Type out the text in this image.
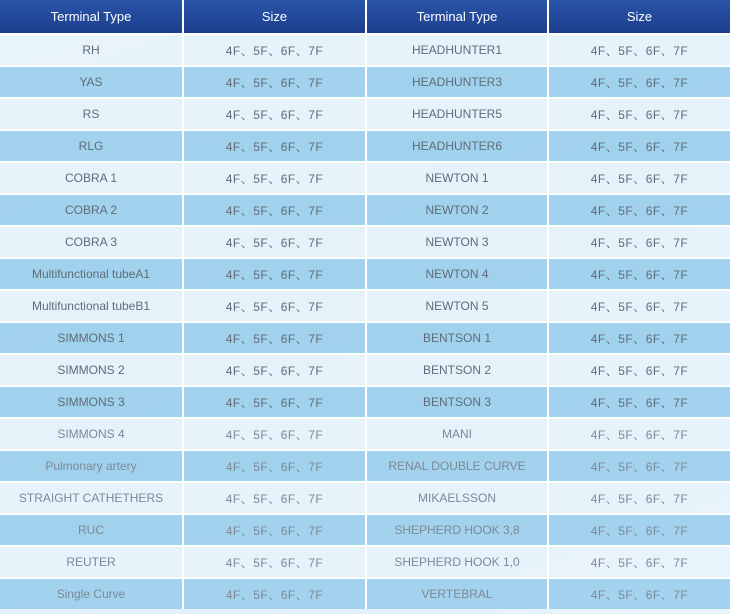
Terminal Type	Size	Terminal Type	Size
RH	4F、5F、6F、7F	HEADHUNTER1	4F、5F、6F、7F
YAS	4F、5F、6F、7F	HEADHUNTER3	4F、5F、6F、7F
RS	4F、5F、6F、7F	HEADHUNTER5	4F、5F、6F、7F
RLG	4F、5F、6F、7F	HEADHUNTER6	4F、5F、6F、7F
COBRA 1	4F、5F、6F、7F	NEWTON 1	4F、5F、6F、7F
COBRA 2	4F、5F、6F、7F	NEWTON 2	4F、5F、6F、7F
COBRA 3	4F、5F、6F、7F	NEWTON 3	4F、5F、6F、7F
Multifunctional tubeA1	4F、5F、6F、7F	NEWTON 4	4F、5F、6F、7F
Multifunctional tubeB1	4F、5F、6F、7F	NEWTON 5	4F、5F、6F、7F
SIMMONS 1	4F、5F、6F、7F	BENTSON 1	4F、5F、6F、7F
SIMMONS 2	4F、5F、6F、7F	BENTSON 2	4F、5F、6F、7F
SIMMONS 3	4F、5F、6F、7F	BENTSON 3	4F、5F、6F、7F
SIMMONS 4	4F、5F、6F、7F	MANI	4F、5F、6F、7F
Pulmonary artery	4F、5F、6F、7F	RENAL DOUBLE CURVE	4F、5F、6F、7F
STRAIGHT CATHETHERS	4F、5F、6F、7F	MIKAELSSON	4F、5F、6F、7F
RUC	4F、5F、6F、7F	SHEPHERD HOOK 3,8	4F、5F、6F、7F
REUTER	4F、5F、6F、7F	SHEPHERD HOOK 1,0	4F、5F、6F、7F
Single Curve	4F、5F、6F、7F	VERTEBRAL	4F、5F、6F、7F
